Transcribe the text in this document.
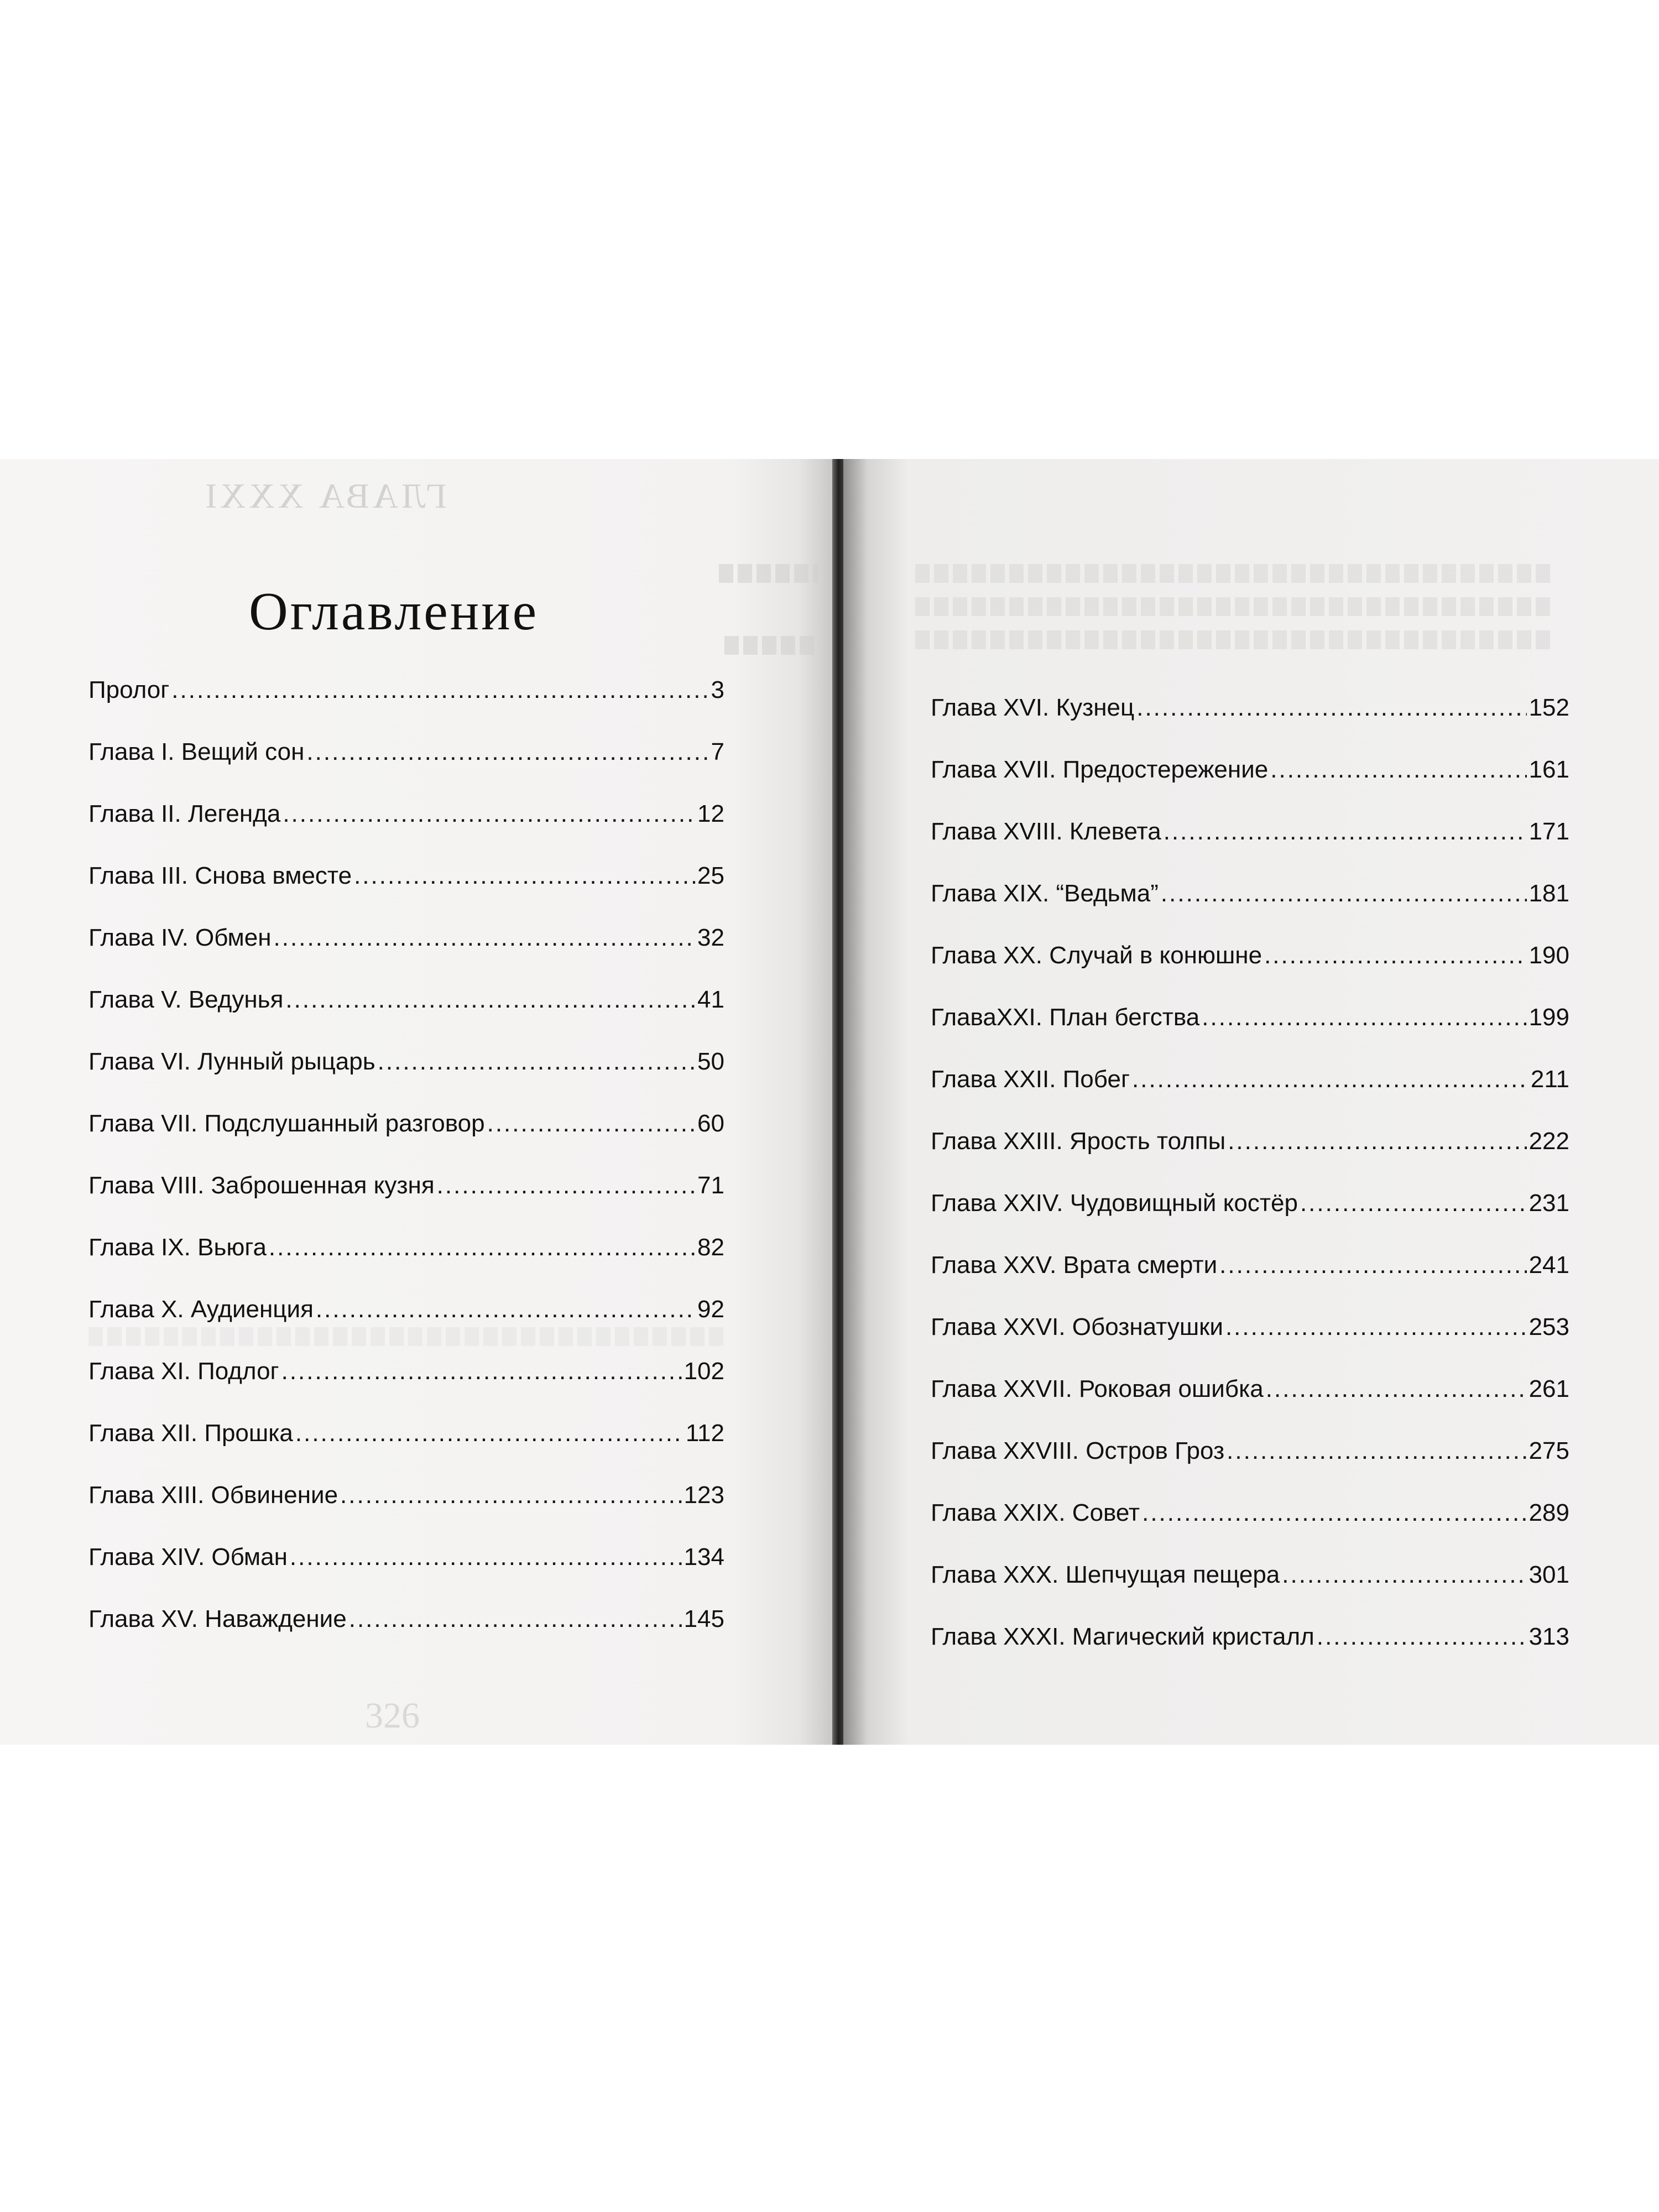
ГЛАВА XXXI
326
Оглавление
Пролог .....	3
Глава I. Вещий сон .....	7
Глава II. Легенда .....	12
Глава III. Снова вместе .....	25
Глава IV. Обмен .....	32
Глава V. Ведунья .....	41
Глава VI. Лунный рыцарь .....	50
Глава VII. Подслушанный разговор .....	60
Глава VIII. Заброшенная кузня .....	71
Глава IX. Вьюга .....	82
Глава X. Аудиенция .....	92
Глава XI. Подлог .....	102
Глава XII. Прошка .....	112
Глава XIII. Обвинение .....	123
Глава XIV. Обман .....	134
Глава XV. Наваждение .....	145
Глава XVI. Кузнец .....	152
Глава XVII. Предостережение .....	161
Глава XVIII. Клевета .....	171
Глава XIX. “Ведьма” .....	181
Глава XX. Случай в конюшне .....	190
ГлаваXXI. План бегства .....	199
Глава XXII. Побег .....	211
Глава XXIII. Ярость толпы .....	222
Глава XXIV. Чудовищный костёр .....	231
Глава XXV. Врата смерти .....	241
Глава XXVI. Обознатушки .....	253
Глава XXVII. Роковая ошибка .....	261
Глава XXVIII. Остров Гроз .....	275
Глава XXIX. Совет .....	289
Глава XXX. Шепчущая пещера .....	301
Глава XXXI. Магический кристалл .....	313
